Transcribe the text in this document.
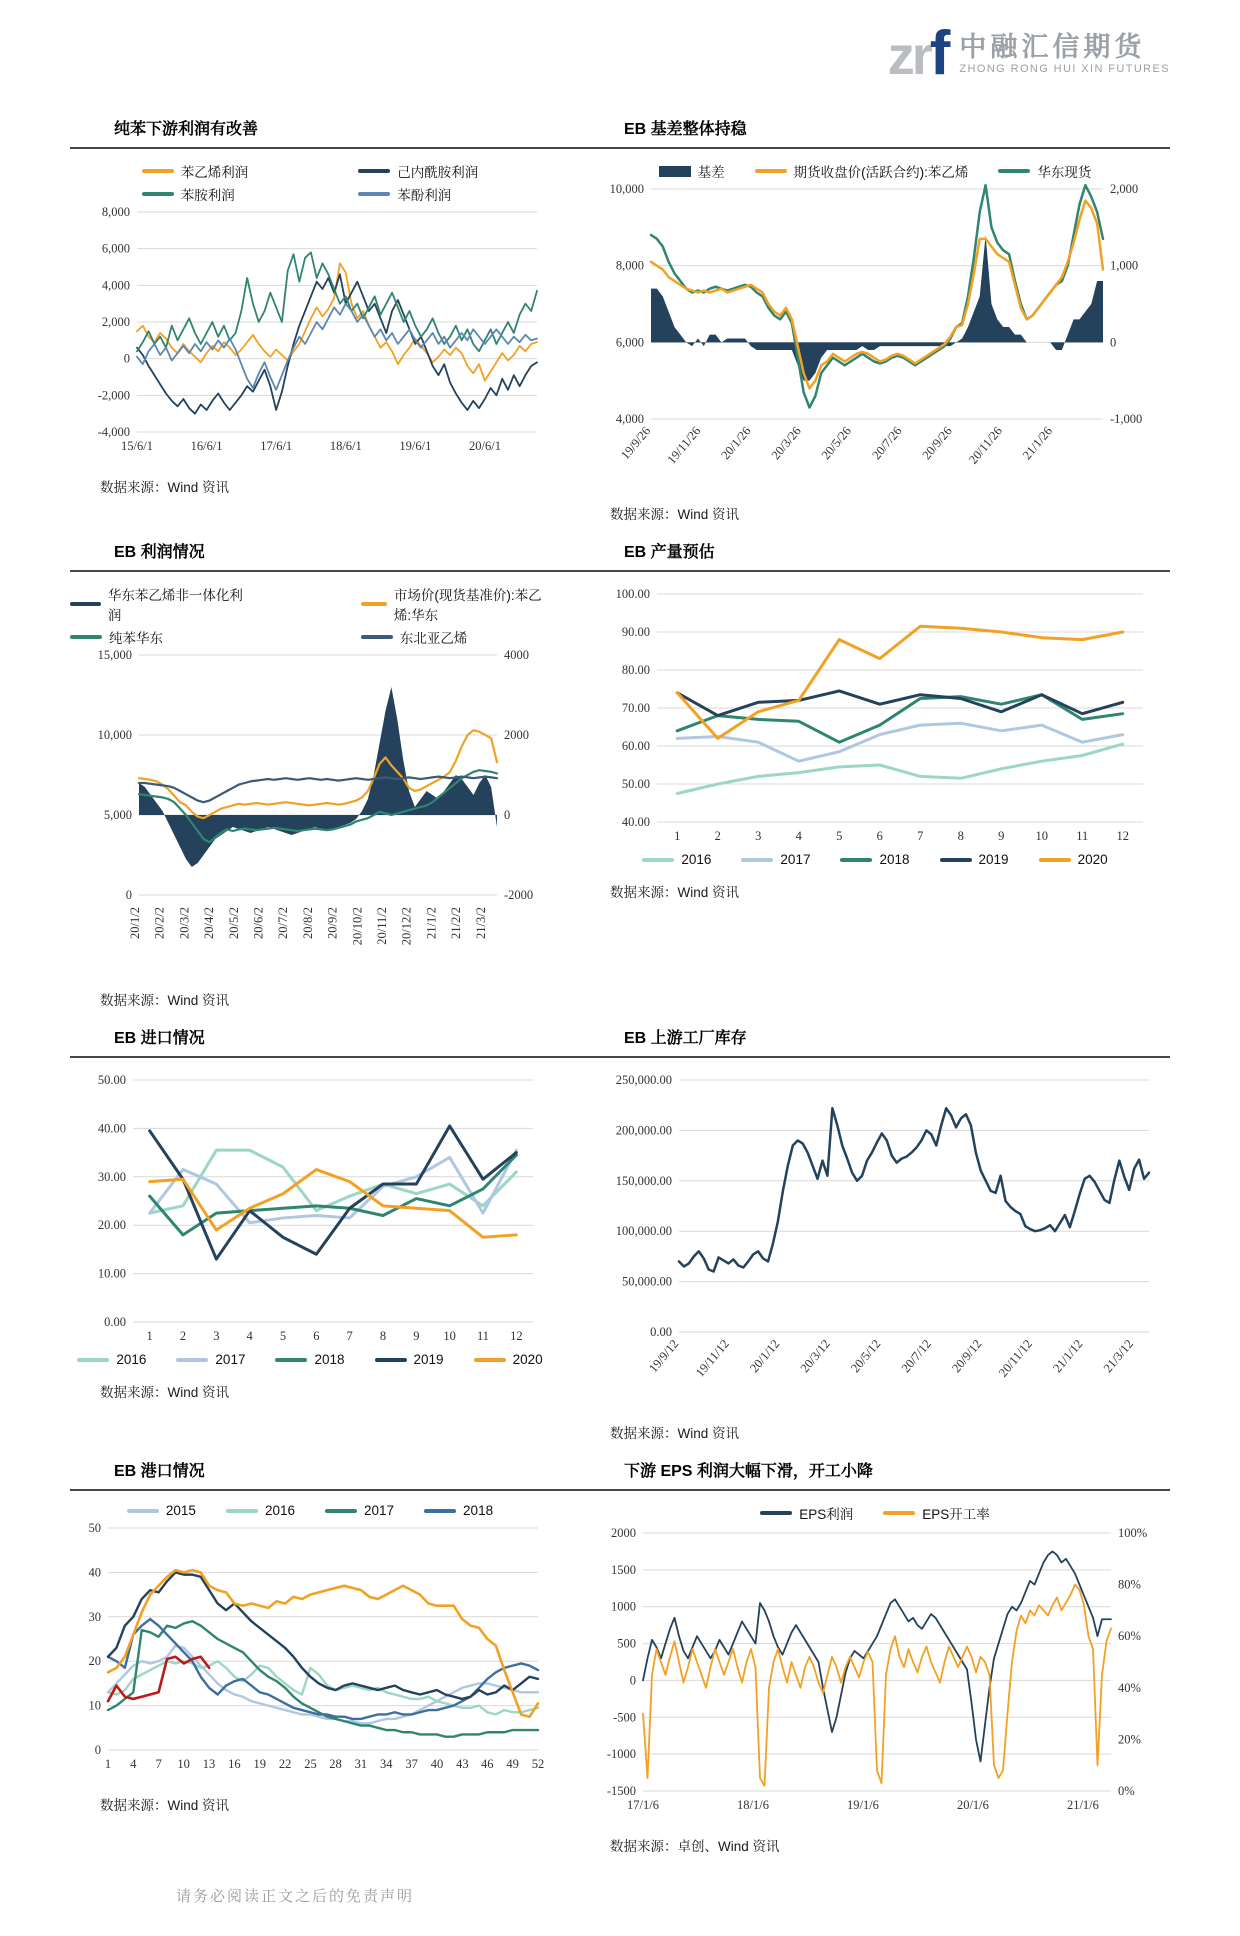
zrf 中融汇信期货
ZHONG RONG HUI XIN FUTURES
纯苯下游利润有改善	EB 基差整体持稳
苯乙烯利润	己内酰胺利润
苯胺利润	苯酚利润
8,000
6,000
4,000
2,000
0
-2,000
-4,000
15/6/1	16/6/1	17/6/1	18/6/1	19/6/1	20/6/1
数据来源：Wind 资讯
基差	期货收盘价(活跃合约):苯乙烯	华东现货
10,000
8,000
6,000
4,000
2,000
1,000
0
-1,000
19/9/26 19/11/26 20/1/26 20/3/26 20/5/26 20/7/26 20/9/26 20/11/26 21/1/26
数据来源：Wind 资讯
EB 利润情况	EB 产量预估
华东苯乙烯非一体化利润
市场价(现货基准价):苯乙烯:华东
纯苯华东	东北亚乙烯
15,000
10,000
5,000
0
4000
2000
0
-2000
20/1/2 20/2/2 20/3/2 20/4/2 20/5/2 20/6/2 20/7/2 20/8/2 20/9/2 20/10/2 20/11/2 20/12/2 21/1/2 21/2/2 21/3/2
数据来源：Wind 资讯
100.00
90.00
80.00
70.00
60.00
50.00
40.00
1	2	3	4	5	6	7	8	9 10 11 12
2016	2017	2018	2019	2020
数据来源：Wind 资讯
EB 进口情况	EB 上游工厂库存
50.00
40.00
30.00
20.00
10.00
0.00
1 2 3 4 5 6 7 8 9 10 11 12
2016	2017	2018	2019	2020
数据来源：Wind 资讯
250,000.00
200,000.00
150,000.00
100,000.00
50,000.00
0.00
19/9/12 19/11/12 20/1/12 20/3/12 20/5/12 20/7/12 20/9/12 20/11/12 21/1/12 21/3/12
数据来源：Wind 资讯
EB 港口情况	下游 EPS 利润大幅下滑，开工小降
2015	2016	2017	2018
50
40
30
20
10
0
1 4 7 10 13 16 19 22 25 28 31 34 37 40 43 46 49 52
数据来源：Wind 资讯
EPS利润	EPS开工率
2000
1500
1000
500
0
-500
-1000
-1500
100%
80%
60%
40%
20%
0%
17/1/6	18/1/6	19/1/6	20/1/6	21/1/6
数据来源：卓创、Wind 资讯
请务必阅读正文之后的免责声明
